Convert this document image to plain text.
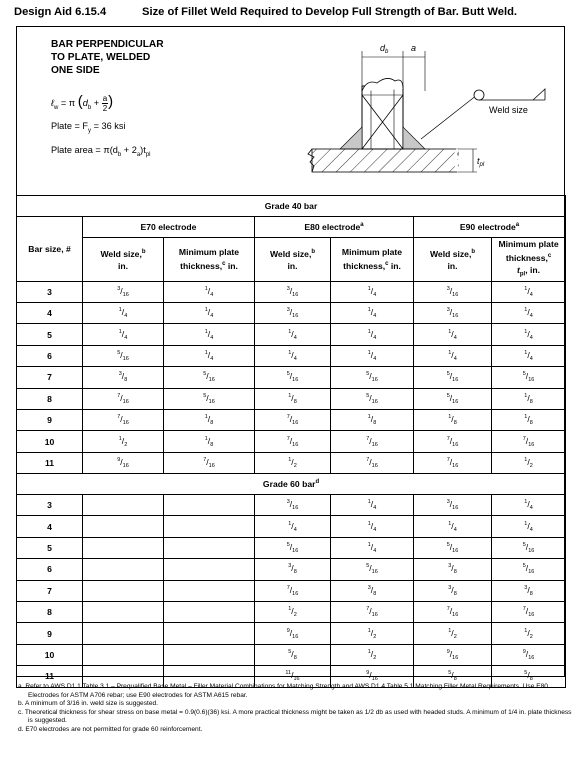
Design Aid 6.15.4	Size of Fillet Weld Required to Develop Full Strength of Bar. Butt Weld.
BAR PERPENDICULAR
TO PLATE, WELDED
ONE SIDE
ℓ$_w$ = π ($d_b + \frac{a}{2}$ )
Plate = $F_y = 36$ ksi
Plate area = $\pi(d_b + 2_a)t_{pl}$
$d_b$	a
$t_{pl}$
Weld size
Grade 40 bar						
Bar size, #	E70 electrode		E80 electrode$^a$		E90 electrode$^a$
	Weld size,$^b$
in.	Minimum plate
thickness,$^c$ in.	Weld size,$^b$
in.	Minimum plate
thickness,$^c$ in.	Weld size,$^b$
in.	Minimum plate
thickness,$^c$
$t_{pl}$, in.
3	$^3/_{16}$	$^1/_4$	$^3/_{16}$	$^1/_4$	$^3/_{16}$	$^1/_4$
4	$^1/_4$	$^1/_4$	$^3/_{16}$	$^1/_4$	$^3/_{16}$	$^1/_4$
5	$^1/_4$	$^1/_4$	$^1/_4$	$^1/_4$	$^1/_4$	$^1/_4$
6	$^5/_{16}$	$^1/_4$	$^1/_4$	$^1/_4$	$^1/_4$	$^1/_4$
7	$^3/_8$	$^5/_{16}$	$^5/_{16}$	$^5/_{16}$	$^5/_{16}$	$^5/_{16}$
8	$^7/_{16}$	$^5/_{16}$	$^1/_8$	$^5/_{16}$	$^5/_{16}$	$^1/_8$
9	$^7/_{16}$	$^1/_8$	$^7/_{16}$	$^1/_8$	$^1/_8$	$^1/_8$
10	$^1/_2$	$^1/_8$	$^7/_{16}$	$^7/_{16}$	$^7/_{16}$	$^7/_{16}$
11	$^9/_{16}$	$^7/_{16}$	$^1/_2$	$^7/_{16}$	$^7/_{16}$	$^1/_2$
Grade 60 bar$^d$
3			$^3/_{16}$	$^1/_4$	$^3/_{16}$	$^1/_4$
4			$^1/_4$	$^1/_4$	$^1/_4$	$^1/_4$
5			$^5/_{16}$	$^1/_4$	$^5/_{16}$	$^5/_{16}$
6			$^3/_8$	$^5/_{16}$	$^3/_8$	$^5/_{16}$
7			$^7/_{16}$	$^3/_8$	$^3/_8$	$^3/_8$
8			$^1/_2$	$^7/_{16}$	$^7/_{16}$	$^7/_{16}$
9			$^9/_{16}$	$^1/_2$	$^1/_2$	$^1/_2$
10			$^5/_8$	$^1/_2$	$^9/_{16}$	$^9/_{16}$
11			$^{11}/_{16}$	$^9/_{16}$	$^5/_8$	$^5/_8$
a. Refer to AWS D1.1 Table 3.1 – Prequalified Base Metal – Filler Material Combinations for Matching Strength and AWS D1.4 Table 5.1 Matching Filler Metal Requirements. Use E80 Electrodes for ASTM A706 rebar; use E90 electrodes for ASTM A615 rebar.
b. A minimum of 3/16 in. weld size is suggested.
c. Theoretical thickness for shear stress on base metal = 0.9(0.6)(36) ksi. A more practical thickness might be taken as 1/2 db as used with headed studs. A minimum of 1/4 in. plate thickness is suggested.
d. E70 electrodes are not permitted for grade 60 reinforcement.
